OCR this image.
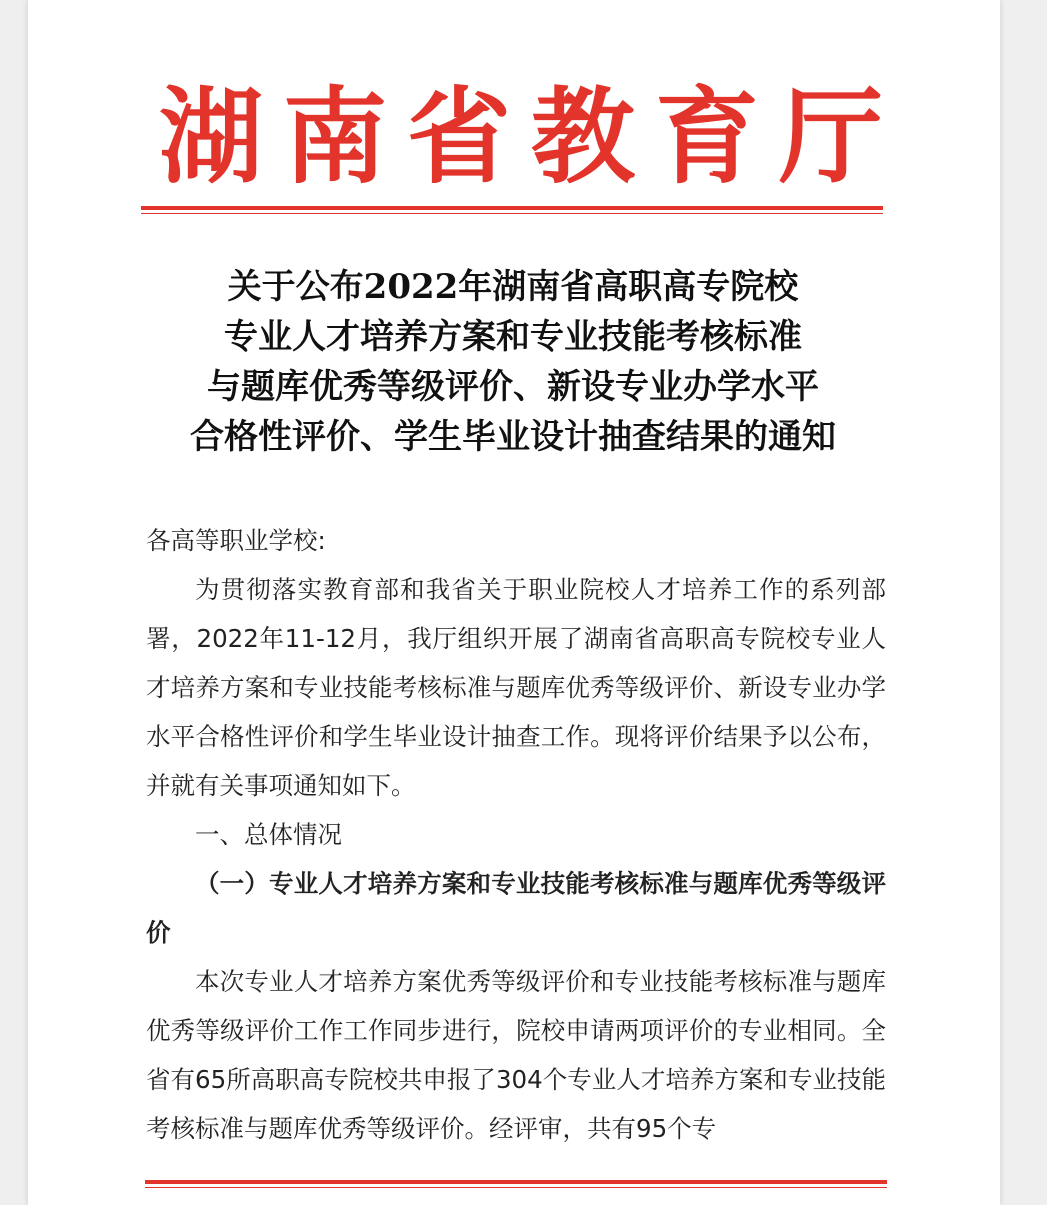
湖 南 省 教 育 厅
关于公布2022年湖南省高职高专院校
专业人才培养方案和专业技能考核标准
与题库优秀等级评价、新设专业办学水平
合格性评价、学生毕业设计抽查结果的通知

各高等职业学校:

为贯彻落实教育部和我省关于职业院校人才培养工作的系列部署，2022年11-12月，我厅组织开展了湖南省高职高专院校专业人才培养方案和专业技能考核标准与题库优秀等级评价、新设专业办学水平合格性评价和学生毕业设计抽查工作。现将评价结果予以公布，并就有关事项通知如下。

一、总体情况

（一）专业人才培养方案和专业技能考核标准与题库优秀等级评价

本次专业人才培养方案优秀等级评价和专业技能考核标准与题库优秀等级评价工作工作同步进行，院校申请两项评价的专业相同。全省有65所高职高专院校共申报了304个专业人才培养方案和专业技能考核标准与题库优秀等级评价。经评审，共有95个专
